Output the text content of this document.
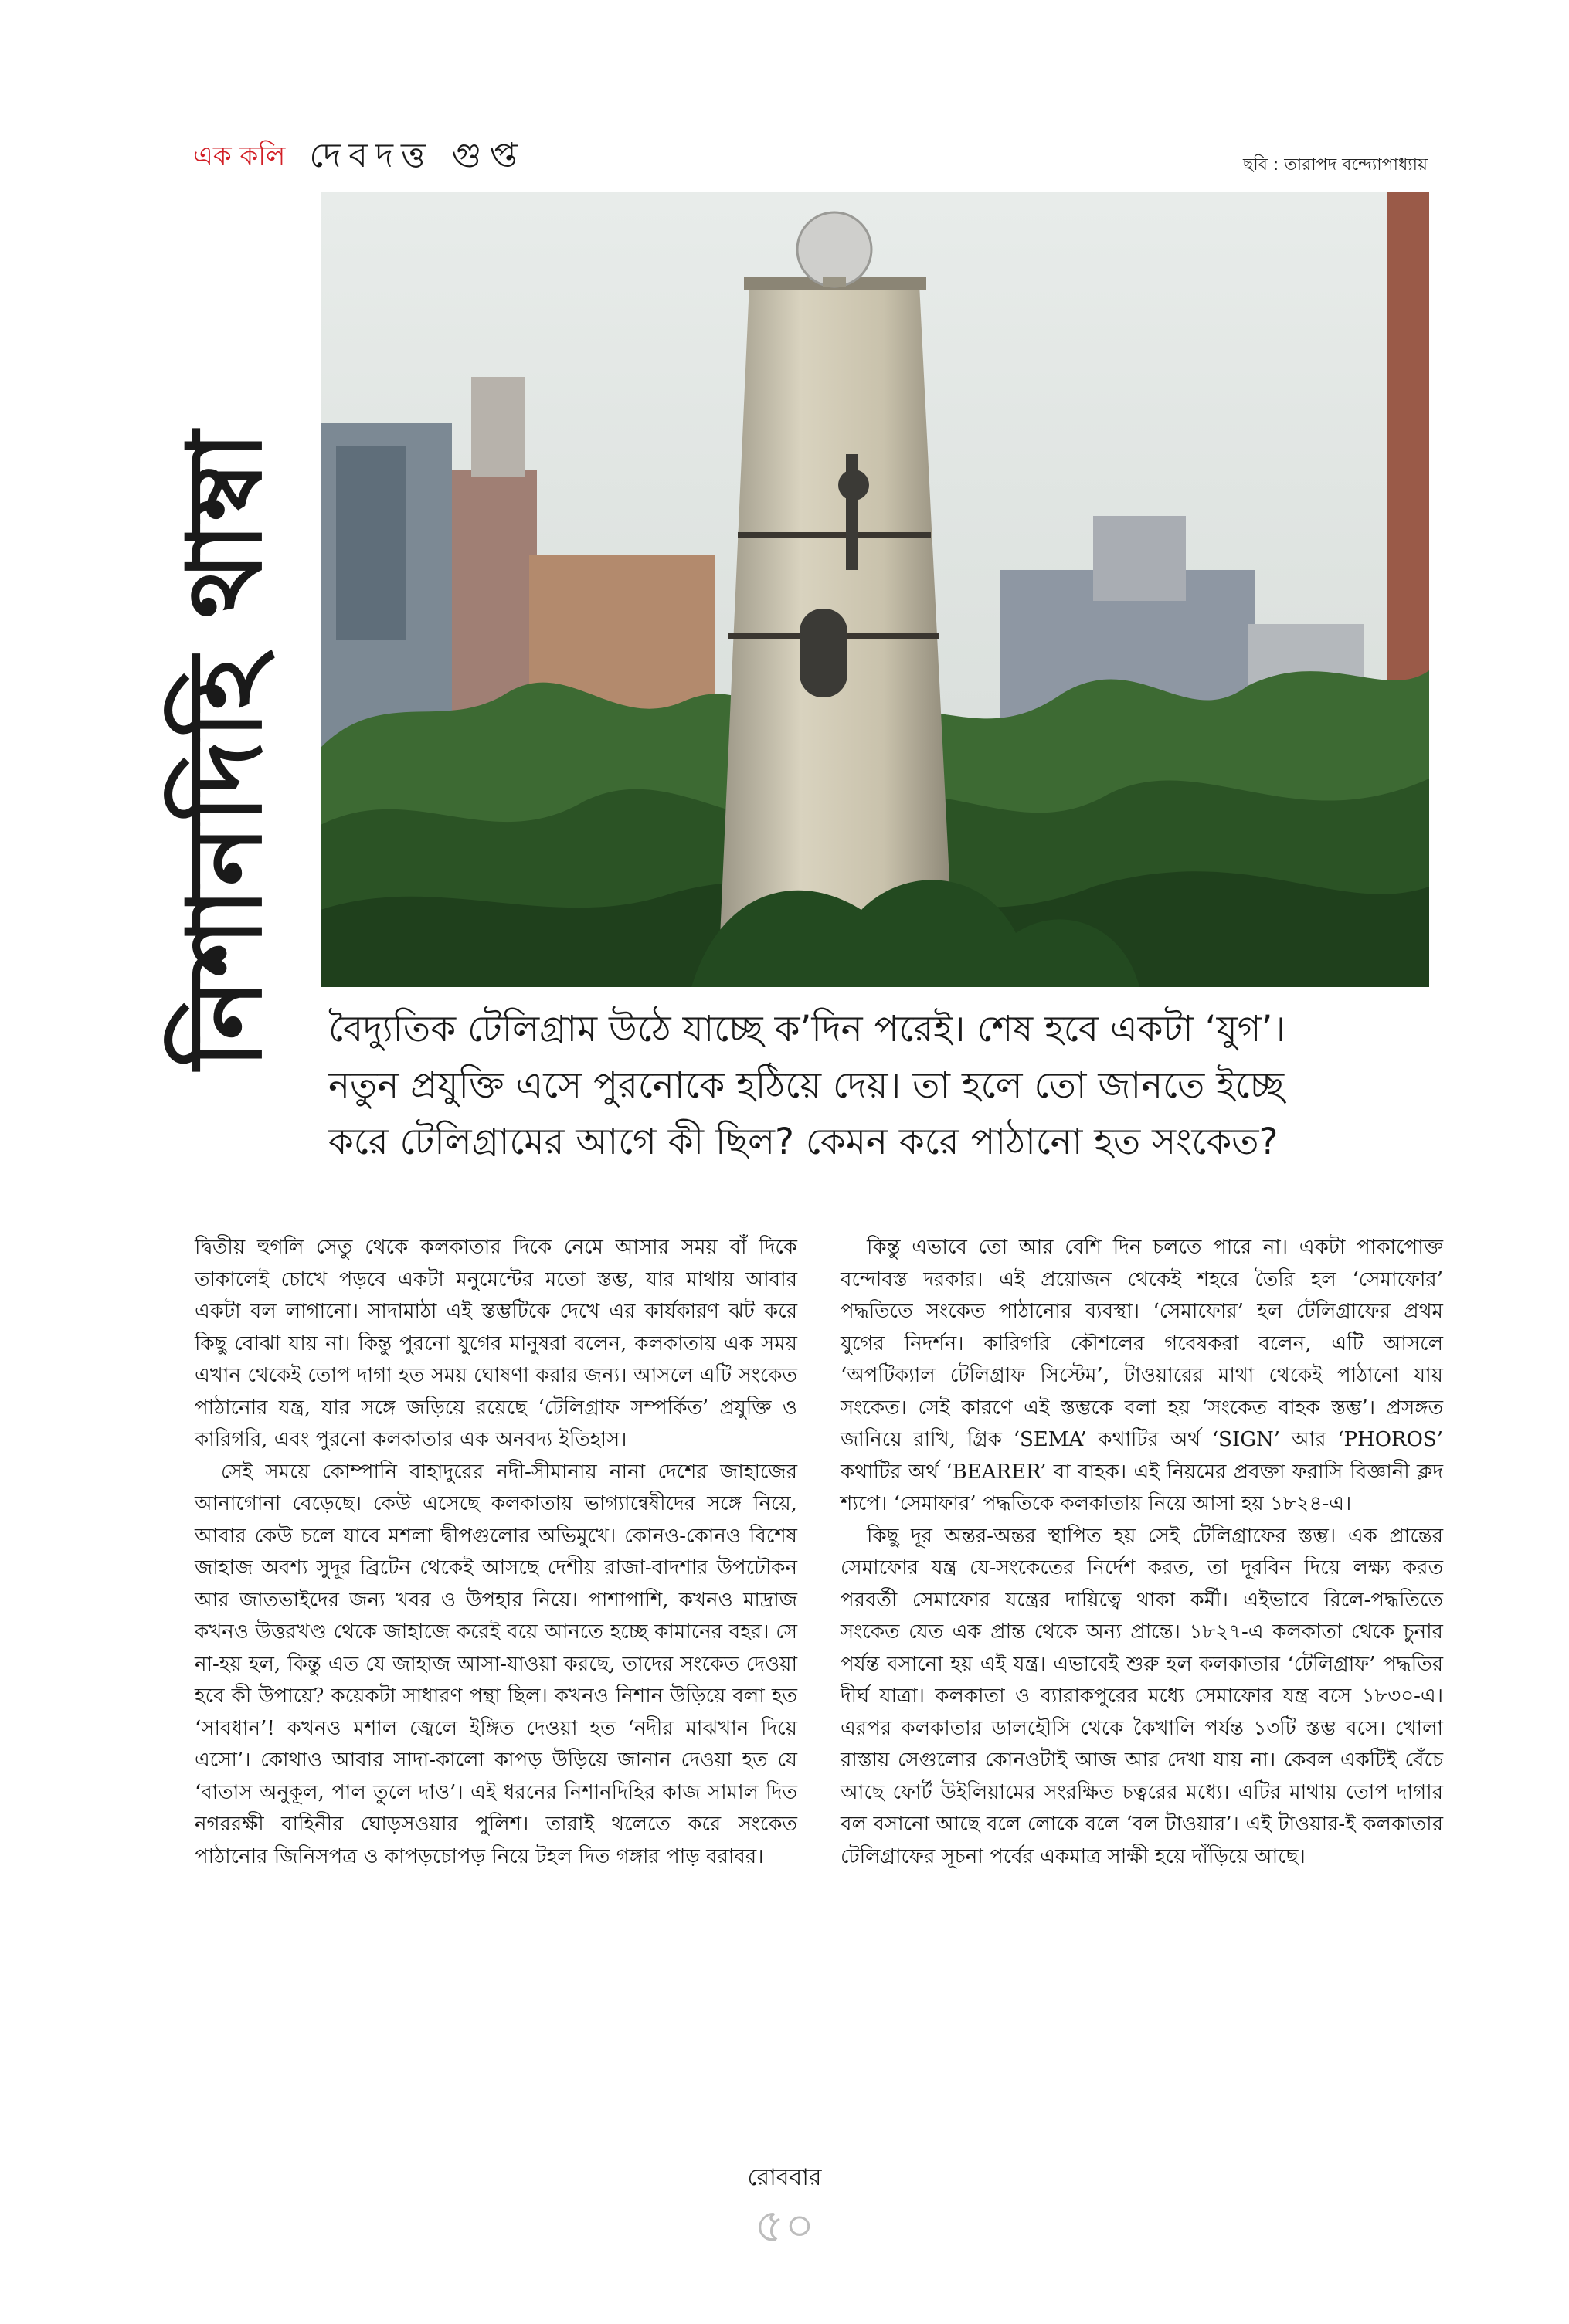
এক কলি দেবদত্ত গুপ্ত	ছবি : তারাপদ বন্দ্যোপাধ্যায়
নিশানদিহি থাম্বা	বৈদ্যুতিক টেলিগ্রাম উঠে যাচ্ছে ক’দিন পরেই। শেষ হবে একটা ‘যুগ’।

নতুন প্রযুক্তি এসে পুরনোকে হঠিয়ে দেয়। তা হলে তো জানতে ইচ্ছে

করে টেলিগ্রামের আগে কী ছিল? কেমন করে পাঠানো হত সংকেত?

দ্বিতীয় হুগলি সেতু থেকে কলকাতার দিকে নেমে আসার সময় বাঁ দিকে তাকালেই চোখে পড়বে একটা মনুমেন্টের মতো স্তম্ভ, যার মাথায় আবার একটা বল লাগানো। সাদামাঠা এই স্তম্ভটিকে দেখে এর কার্যকারণ ঝট করে কিছু বোঝা যায় না। কিন্তু পুরনো যুগের মানুষরা বলেন, কলকাতায় এক সময় এখান থেকেই তোপ দাগা হত সময় ঘোষণা করার জন্য। আসলে এটি সংকেত পাঠানোর যন্ত্র, যার সঙ্গে জড়িয়ে রয়েছে ‘টেলিগ্রাফ সম্পর্কিত’ প্রযুক্তি ও কারিগরি, এবং পুরনো কলকাতার এক অনবদ্য ইতিহাস।

সেই সময়ে কোম্পানি বাহাদুরের নদী-সীমানায় নানা দেশের জাহাজের আনাগোনা বেড়েছে। কেউ এসেছে কলকাতায় ভাগ্যান্বেষীদের সঙ্গে নিয়ে, আবার কেউ চলে যাবে মশলা দ্বীপগুলোর অভিমুখে। কোনও-কোনও বিশেষ জাহাজ অবশ্য সুদূর ব্রিটেন থেকেই আসছে দেশীয় রাজা-বাদশার উপঢৌকন আর জাতভাইদের জন্য খবর ও উপহার নিয়ে। পাশাপাশি, কখনও মাদ্রাজ কখনও উত্তরখণ্ড থেকে জাহাজে করেই বয়ে আনতে হচ্ছে কামানের বহর। সে না-হয় হল, কিন্তু এত যে জাহাজ আসা-যাওয়া করছে, তাদের সংকেত দেওয়া হবে কী উপায়ে? কয়েকটা সাধারণ পন্থা ছিল। কখনও নিশান উড়িয়ে বলা হত ‘সাবধান’! কখনও মশাল জ্বেলে ইঙ্গিত দেওয়া হত ‘নদীর মাঝখান দিয়ে এসো’। কোথাও আবার সাদা-কালো কাপড় উড়িয়ে জানান দেওয়া হত যে ‘বাতাস অনুকূল, পাল তুলে দাও’। এই ধরনের নিশানদিহির কাজ সামাল দিত নগররক্ষী বাহিনীর ঘোড়সওয়ার পুলিশ। তারাই থলেতে করে সংকেত পাঠানোর জিনিসপত্র ও কাপড়চোপড় নিয়ে টহল দিত গঙ্গার পাড় বরাবর।

কিন্তু এভাবে তো আর বেশি দিন চলতে পারে না। একটা পাকাপোক্ত বন্দোবস্ত দরকার। এই প্রয়োজন থেকেই শহরে তৈরি হল ‘সেমাফোর’ পদ্ধতিতে সংকেত পাঠানোর ব্যবস্থা। ‘সেমাফোর’ হল টেলিগ্রাফের প্রথম যুগের নিদর্শন। কারিগরি কৌশলের গবেষকরা বলেন, এটি আসলে ‘অপটিক্যাল টেলিগ্রাফ সিস্টেম’, টাওয়ারের মাথা থেকেই পাঠানো যায় সংকেত। সেই কারণে এই স্তম্ভকে বলা হয় ‘সংকেত বাহক স্তম্ভ’। প্রসঙ্গত জানিয়ে রাখি, গ্রিক ‘SEMA’ কথাটির অর্থ ‘SIGN’ আর ‘PHOROS’ কথাটির অর্থ ‘BEARER’ বা বাহক। এই নিয়মের প্রবক্তা ফরাসি বিজ্ঞানী ক্লদ শ্যপে। ‘সেমাফার’ পদ্ধতিকে কলকাতায় নিয়ে আসা হয় ১৮২৪-এ।

কিছু দূর অন্তর-অন্তর স্থাপিত হয় সেই টেলিগ্রাফের স্তম্ভ। এক প্রান্তের সেমাফোর যন্ত্র যে-সংকেতের নির্দেশ করত, তা দূরবিন দিয়ে লক্ষ্য করত পরবর্তী সেমাফোর যন্ত্রের দায়িত্বে থাকা কর্মী। এইভাবে রিলে-পদ্ধতিতে সংকেত যেত এক প্রান্ত থেকে অন্য প্রান্তে। ১৮২৭-এ কলকাতা থেকে চুনার পর্যন্ত বসানো হয় এই যন্ত্র। এভাবেই শুরু হল কলকাতার ‘টেলিগ্রাফ’ পদ্ধতির দীর্ঘ যাত্রা। কলকাতা ও ব্যারাকপুরের মধ্যে সেমাফোর যন্ত্র বসে ১৮৩০-এ। এরপর কলকাতার ডালহৌসি থেকে কৈখালি পর্যন্ত ১৩টি স্তম্ভ বসে। খোলা রাস্তায় সেগুলোর কোনওটাই আজ আর দেখা যায় না। কেবল একটিই বেঁচে আছে ফোর্ট উইলিয়ামের সংরক্ষিত চত্বরের মধ্যে। এটির মাথায় তোপ দাগার বল বসানো আছে বলে লোকে বলে ‘বল টাওয়ার’। এই টাওয়ার-ই কলকাতার টেলিগ্রাফের সূচনা পর্বের একমাত্র সাক্ষী হয়ে দাঁড়িয়ে আছে।

রোববার
৫০
